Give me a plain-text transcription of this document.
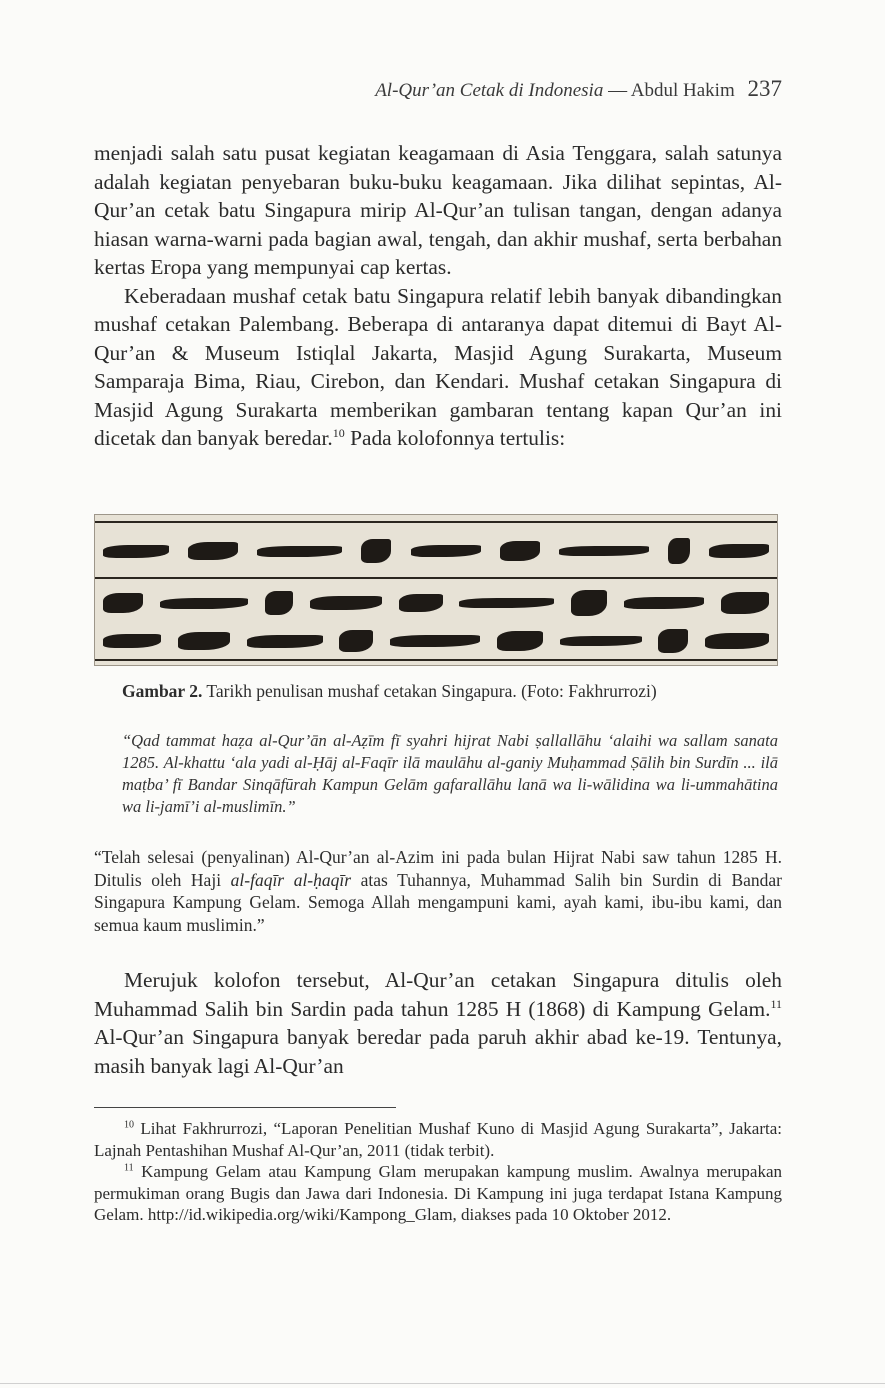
Al-Qur’an Cetak di Indonesia — Abdul Hakim 237

menjadi salah satu pusat kegiatan keagamaan di Asia Tenggara, salah satunya adalah kegiatan penyebaran buku-buku keagamaan. Jika dilihat sepintas, Al-Qur’an cetak batu Singapura mirip Al-Qur’an tulisan tangan, dengan adanya hiasan warna-warni pada bagian awal, tengah, dan akhir mushaf, serta berbahan kertas Eropa yang mempunyai cap kertas.

Keberadaan mushaf cetak batu Singapura relatif lebih banyak dibandingkan mushaf cetakan Palembang. Beberapa di antaranya dapat ditemui di Bayt Al-Qur’an & Museum Istiqlal Jakarta, Masjid Agung Surakarta, Museum Samparaja Bima, Riau, Cirebon, dan Kendari. Mushaf cetakan Singapura di Masjid Agung Surakarta memberikan gambaran tentang kapan Qur’an ini dicetak dan banyak beredar.$^{10}$ Pada kolofonnya tertulis:

Gambar 2. Tarikh penulisan mushaf cetakan Singapura. (Foto: Fakhrurrozi)

“Qad tammat haẓa al-Qur’ān al-Aẓīm fī syahri hijrat Nabi ṣallallāhu ‘alaihi wa sallam sanata 1285. Al-khattu ‘ala yadi al-Ḥāj al-Faqīr ilā maulāhu al-ganiy Muḥammad Ṣālih bin Surdīn ... ilā maṭba’ fī Bandar Sinqāfūrah Kampun Gelām gafarallāhu lanā wa li-wālidina wa li-ummahātina wa li-jamī’i al-muslimīn.”

“Telah selesai (penyalinan) Al-Qur’an al-Azim ini pada bulan Hijrat Nabi saw tahun 1285 H. Ditulis oleh Haji al-faqīr al-ḥaqīr atas Tuhannya, Muhammad Salih bin Surdin di Bandar Singapura Kampung Gelam. Semoga Allah mengampuni kami, ayah kami, ibu-ibu kami, dan semua kaum muslimin.”

Merujuk kolofon tersebut, Al-Qur’an cetakan Singapura ditulis oleh Muhammad Salih bin Sardin pada tahun 1285 H (1868) di Kampung Gelam.$^{11}$ Al-Qur’an Singapura banyak beredar pada paruh akhir abad ke-19. Tentunya, masih banyak lagi Al-Qur’an

$^{10}$ Lihat Fakhrurrozi, “Laporan Penelitian Mushaf Kuno di Masjid Agung Surakarta”, Jakarta: Lajnah Pentashihan Mushaf Al-Qur’an, 2011 (tidak terbit).

$^{11}$ Kampung Gelam atau Kampung Glam merupakan kampung muslim. Awalnya merupakan permukiman orang Bugis dan Jawa dari Indonesia. Di Kampung ini juga terdapat Istana Kampung Gelam. http://id.wikipedia.org/wiki/Kampong_Glam, diakses pada 10 Oktober 2012.
